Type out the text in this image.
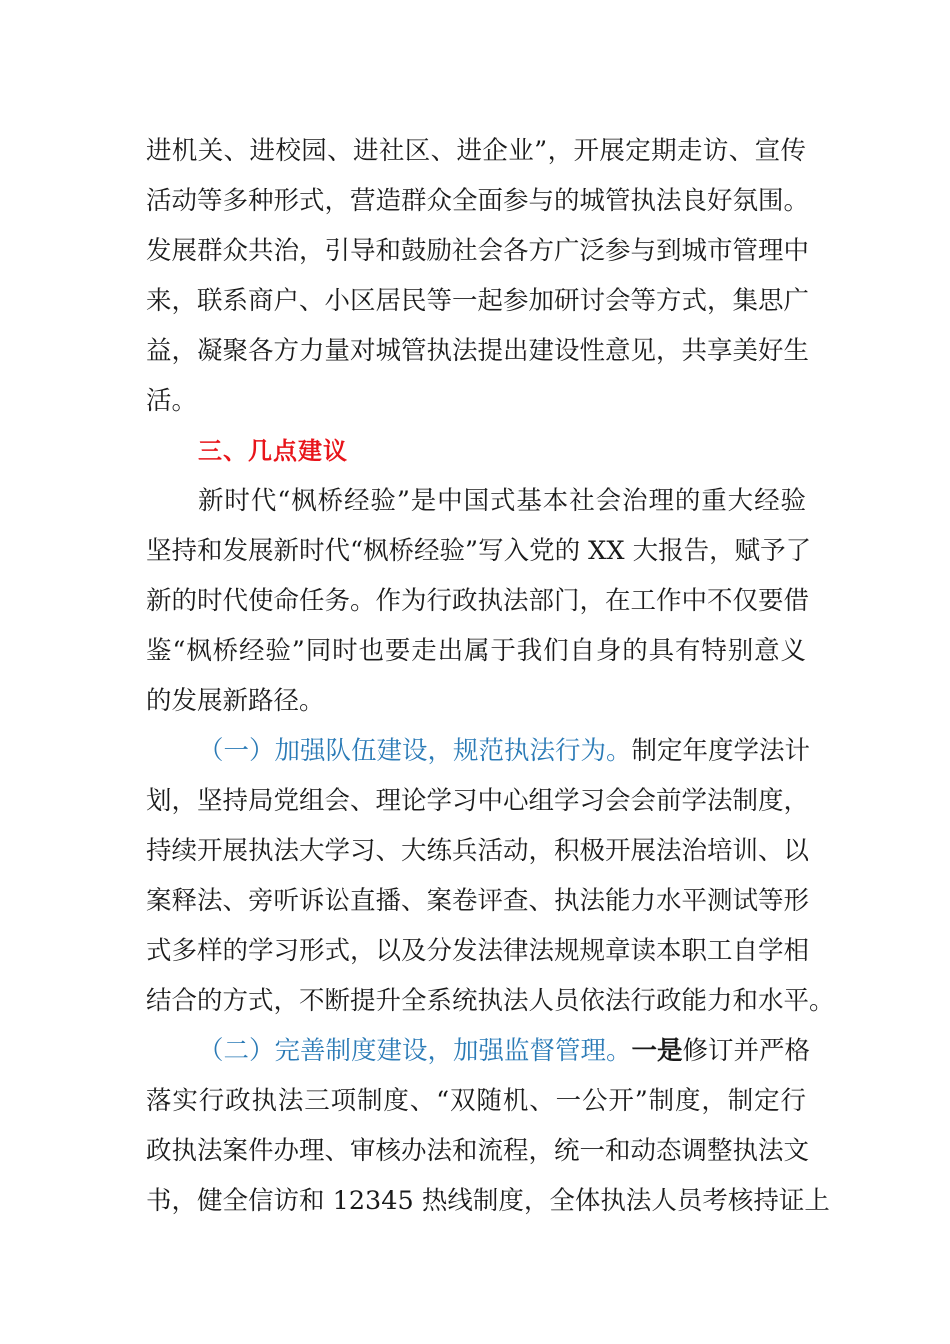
进机关、进校园、进社区、进企业”，开展定期走访、宣传
活动等多种形式，营造群众全面参与的城管执法良好氛围。
发展群众共治，引导和鼓励社会各方广泛参与到城市管理中
来，联系商户、小区居民等一起参加研讨会等方式，集思广
益，凝聚各方力量对城管执法提出建设性意见，共享美好生
活。
三、几点建议
新时代“枫桥经验”是中国式基本社会治理的重大经验
坚持和发展新时代“枫桥经验”写入党的 XX 大报告，赋予了
新的时代使命任务。作为行政执法部门，在工作中不仅要借
鉴“枫桥经验”同时也要走出属于我们自身的具有特别意义
的发展新路径。
（一）加强队伍建设，规范执法行为。制定年度学法计
划，坚持局党组会、理论学习中心组学习会会前学法制度，
持续开展执法大学习、大练兵活动，积极开展法治培训、以
案释法、旁听诉讼直播、案卷评查、执法能力水平测试等形
式多样的学习形式，以及分发法律法规规章读本职工自学相
结合的方式，不断提升全系统执法人员依法行政能力和水平。
（二）完善制度建设，加强监督管理。一是修订并严格
落实行政执法三项制度、“双随机、一公开”制度，制定行
政执法案件办理、审核办法和流程，统一和动态调整执法文
书，健全信访和 12345 热线制度，全体执法人员考核持证上
